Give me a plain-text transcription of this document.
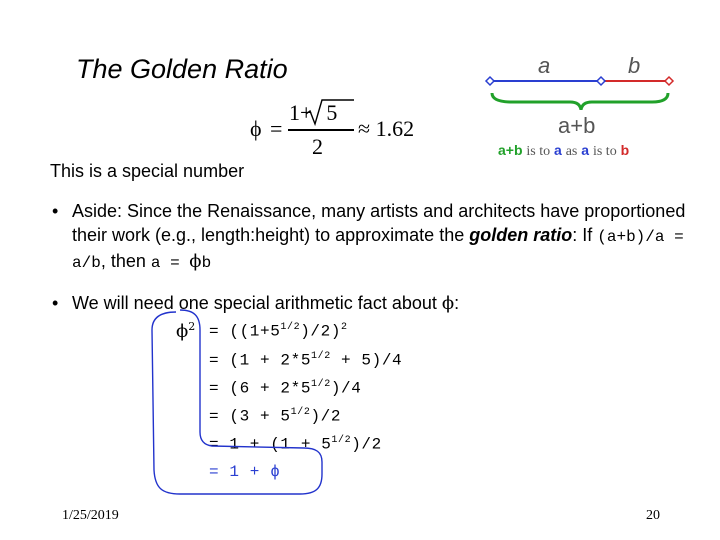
The Golden Ratio
ϕ =
1+ 5
2
≈ 1.62
a	b
a+b
a+b is to a as a is to b
This is a special number
• Aside: Since the Renaissance, many artists and architects have proportioned their work (e.g., length:height) to approximate the golden ratio: If (a+b)/a = a/b, then a = ϕb
• We will need one special arithmetic fact about ϕ:
$\phi^2 = ((1+5^{1/2})/2)^2$
= $(1 + 2*5^{1/2} + 5)/4$
= $(6 + 2*5^{1/2})/4$
= $(3 + 5^{1/2})/2$
= $1 + (1 + 5^{1/2})/2$
= 1 + ϕ
1/25/2019	20
